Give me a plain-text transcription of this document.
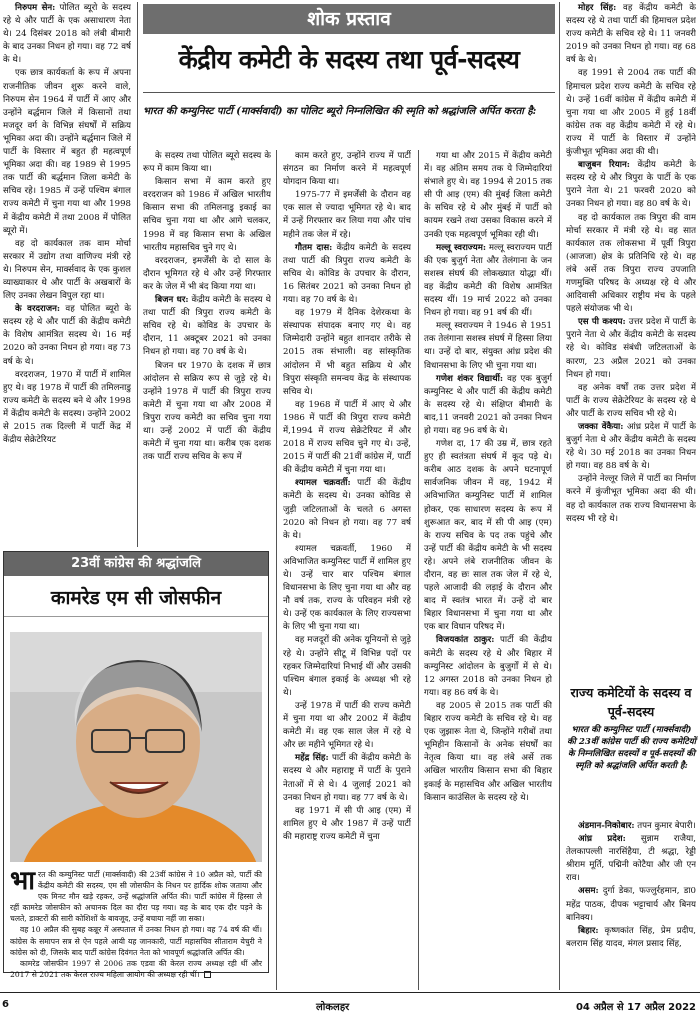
निरुपम सेन: पोलित ब्यूरो के सदस्य रहे थे और पार्टी के एक असाधारण नेता थे। 24 दिसंबर 2018 को लंबी बीमारी के बाद उनका निधन हो गया। वह 72 वर्ष के थे।

एक छात्र कार्यकर्ता के रूप में अपना राजनीतिक जीवन शुरू करने वाले, निरुपम सेन 1964 में पार्टी में आए और उन्होंने बर्द्धमान जिले में किसानों तथा मजदूर वर्ग के विभिन्न संघर्षों में सक्रिय भूमिका अदा की। उन्होंने बर्द्धमान जिले में पार्टी के विस्तार में बहुत ही महत्वपूर्ण भूमिका अदा की। वह 1989 से 1995 तक पार्टी की बर्द्धमान जिला कमेटी के सचिव रहे। 1985 में उन्हें पश्चिम बंगाल राज्य कमेटी में चुना गया था और 1998 में केंद्रीय कमेटी में तथा 2008 में पोलित ब्यूरो में।

वह दो कार्यकाल तक वाम मोर्चा सरकार में उद्योग तथा वाणिज्य मंत्री रहे थे। निरुपम सेन, मार्क्सवाद के एक कुशल व्याख्याकार थे और पार्टी के अखबारों के लिए उनका लेखन विपुल रहा था।

के वरदराजन: वह पोलित ब्यूरो के सदस्य रहे थे और पार्टी की केंद्रीय कमेटी के विशेष आमंत्रित सदस्य थे। 16 मई 2020 को उनका निधन हो गया। वह 73 वर्ष के थे।

वरदराजन, 1970 में पार्टी में शामिल हुए थे। वह 1978 में पार्टी की तमिलनाडु राज्य कमेटी के सदस्य बने थे और 1998 में केंद्रीय कमेटी के सदस्य। उन्होंने 2002 से 2015 तक दिल्ली में पार्टी केंद्र में केंद्रीय सेक्रेटेरियट

शोक प्रस्ताव
केंद्रीय कमेटी के सदस्य तथा पूर्व-सदस्य
भारत की कम्युनिस्ट पार्टी (मार्क्सवादी) का पोलिट ब्यूरो निम्नलिखित की स्मृति को श्रद्धांजलि अर्पित करता है:

के सदस्य तथा पोलित ब्यूरो सदस्य के रूप में काम किया था।

किसान सभा में काम करते हुए वरदराजन को 1986 में अखिल भारतीय किसान सभा की तमिलनाडु इकाई का सचिव चुना गया था और आगे चलकर, 1998 में वह किसान सभा के अखिल भारतीय महासचिव चुने गए थे।

वरदराजन, इमर्जेंसी के दो साल के दौरान भूमिगत रहे थे और उन्हें गिरफ्तार कर के जेल में भी बंद किया गया था।

बिजन धर: केंद्रीय कमेटी के सदस्य थे तथा पार्टी की त्रिपुरा राज्य कमेटी के सचिव रहे थे। कोविड के उपचार के दौरान, 11 अक्टूबर 2021 को उनका निधन हो गया। वह 70 वर्ष के थे।

बिजन धर 1970 के दशक में छात्र आंदोलन से सक्रिय रूप से जुड़े रहे थे। उन्होंने 1978 में पार्टी की त्रिपुरा राज्य कमेटी में चुना गया था और 2008 में त्रिपुरा राज्य कमेटी का सचिव चुना गया था। उन्हें 2002 में पार्टी की केंद्रीय कमेटी में चुना गया था। करीब एक दशक तक पार्टी राज्य सचिव के रूप में

काम करते हुए, उन्होंने राज्य में पार्टी संगठन का निर्माण करने में महत्वपूर्ण योगदान किया था।

1975-77 में इमर्जेंसी के दौरान वह एक साल से ज्यादा भूमिगत रहे थे। बाद में उन्हें गिरफ्तार कर लिया गया और पांच महीने तक जेल में रहे।

गौतम दास: केंद्रीय कमेटी के सदस्य तथा पार्टी की त्रिपुरा राज्य कमेटी के सचिव थे। कोविड के उपचार के दौरान, 16 सितंबर 2021 को उनका निधन हो गया। वह 70 वर्ष के थे।

वह 1979 में दैनिक देशेरकथा के संस्थापक संपादक बनाए गए थे। वह जिम्मेदारी उन्होंने बहुत शानदार तरीके से 2015 तक संभाली। वह सांस्कृतिक आंदोलन में भी बहुत सक्रिय थे और त्रिपुरा संस्कृति समन्वय केंद्र के संस्थापक सचिव थे।

वह 1968 में पार्टी में आए थे और 1986 में पार्टी की त्रिपुरा राज्य कमेटी में,1994 में राज्य सेक्रेटेरियट में और 2018 में राज्य सचिव चुने गए थे। उन्हें, 2015 में पार्टी की 21वीं कांग्रेस में, पार्टी की केंद्रीय कमेटी में चुना गया था।

श्यामल चक्रवर्ती: पार्टी की केंद्रीय कमेटी के सदस्य थे। उनका कोविड से जुड़ी जटिलताओं के चलते 6 अगस्त 2020 को निधन हो गया। वह 77 वर्ष के थे।

श्यामल चक्रवर्ती, 1960 में अविभाजित कम्युनिस्ट पार्टी में शामिल हुए थे। उन्हें चार बार पश्चिम बंगाल विधानसभा के लिए चुना गया था और वह नौ वर्ष तक, राज्य के परिवहन मंत्री रहे थे। उन्हें एक कार्यकाल के लिए राज्यसभा के लिए भी चुना गया था।

वह मजदूरों की अनेक यूनियनों से जुड़े रहे थे। उन्होंने सीटू में विभिन्न पदों पर रहकर जिम्मेदारियां निभाई थीं और उसकी पश्चिम बंगाल इकाई के अध्यक्ष भी रहे थे।

उन्हें 1978 में पार्टी की राज्य कमेटी में चुना गया था और 2002 में केंद्रीय कमेटी में। वह एक साल जेल में रहे थे और छः महीने भूमिगत रहे थे।

महेंद्र सिंह: पार्टी की केंद्रीय कमेटी के सदस्य थे और महाराष्ट्र में पार्टी के पुराने नेताओं में से थे। 4 जुलाई 2021 को उनका निधन हो गया। वह 77 वर्ष के थे।

वह 1971 में सी पी आइ (एम) में शामिल हुए थे और 1987 में उन्हें पार्टी की महाराष्ट्र राज्य कमेटी में चुना

गया था और 2015 में केंद्रीय कमेटी में। वह अंतिम समय तक ये जिम्मेदारियां संभाले हुए थे। वह 1994 से 2015 तक सी पी आइ (एम) की मुंबई जिला कमेटी के सचिव रहे थे और मुंबई में पार्टी को कायम रखने तथा उसका विकास करने में उनकी एक महत्वपूर्ण भूमिका रही थी।

मल्लू स्वराज्यम: मल्लू स्वराज्यम पार्टी की एक बुजुर्ग नेता और तेलंगाना के जन सशस्त्र संघर्ष की लोकख्यात योद्धा थीं। वह केंद्रीय कमेटी की विशेष आमंत्रित सदस्य थीं। 19 मार्च 2022 को उनका निधन हो गया। वह 91 वर्ष की थीं।

मल्लू स्वराज्यम ने 1946 से 1951 तक तेलंगाना सशस्त्र संघर्ष में हिस्सा लिया था। उन्हें दो बार, संयुक्त आंध्र प्रदेश की विधानसभा के लिए भी चुना गया था।

गणेश शंकर विद्यार्थी: वह एक बुजुर्ग कम्युनिस्ट थे और पार्टी की केंद्रीय कमेटी के सदस्य रहे थे। संक्षिप्त बीमारी के बाद,11 जनवरी 2021 को उनका निधन हो गया। वह 96 वर्ष के थे।

गणेश दा, 17 की उम्र में, छात्र रहते हुए ही स्वतंत्रता संघर्ष में कूद पड़े थे। करीब आठ दशक के अपने घटनापूर्ण सार्वजनिक जीवन में वह, 1942 में अविभाजित कम्युनिस्ट पार्टी में शामिल होकर, एक साधारण सदस्य के रूप में शुरूआत कर, बाद में सी पी आइ (एम) के राज्य सचिव के पद तक पहुंचे और उन्हें पार्टी की केंद्रीय कमेटी के भी सदस्य रहे। अपने लंबे राजनीतिक जीवन के दौरान, वह छः साल तक जेल में रहे थे, पहले आजादी की लड़ाई के दौरान और बाद में स्वतंत्र भारत में। उन्हें दो बार बिहार विधानसभा में चुना गया था और एक बार विधान परिषद में।

विजयकांत ठाकुर: पार्टी की केंद्रीय कमेटी के सदस्य रहे थे और बिहार में कम्युनिस्ट आंदोलन के बुजुर्गों में से थे। 12 अगस्त 2018 को उनका निधन हो गया। वह 86 वर्ष के थे।

वह 2005 से 2015 तक पार्टी की बिहार राज्य कमेटी के सचिव रहे थे। वह एक जुझारू नेता थे, जिन्होंने गरीबों तथा भूमिहीन किसानों के अनेक संघर्षों का नेतृत्व किया था। वह लंबे अर्से तक अखिल भारतीय किसान सभा की बिहार इकाई के महासचिव और अखिल भारतीय किसान काउंसिल के सदस्य रहे थे।

मोहर सिंह: वह केंद्रीय कमेटी के सदस्य रहे थे तथा पार्टी की हिमाचल प्रदेश राज्य कमेटी के सचिव रहे थे। 11 जनवरी 2019 को उनका निधन हो गया। वह 68 वर्ष के थे।

वह 1991 से 2004 तक पार्टी की हिमाचल प्रदेश राज्य कमेटी के सचिव रहे थे। उन्हें 16वीं कांग्रेस में केंद्रीय कमेटी में चुना गया था और 2005 में हुई 18वीं कांग्रेस तक वह केंद्रीय कमेटी में रहे थे। राज्य में पार्टी के विस्तार में उन्होंने कुंजीभूत भूमिका अदा की थी।

बाजुबन रियान: केंद्रीय कमेटी के सदस्य रहे थे और त्रिपुरा के पार्टी के एक पुराने नेता थे। 21 फरवरी 2020 को उनका निधन हो गया। वह 80 वर्ष के थे।

वह दो कार्यकाल तक त्रिपुरा की वाम मोर्चा सरकार में मंत्री रहे थे। वह सात कार्यकाल तक लोकसभा में पूर्वी त्रिपुरा (आजजा) क्षेत्र के प्रतिनिधि रहे थे। वह लंबे अर्से तक त्रिपुरा राज्य उपजाति गणमुक्ति परिषद के अध्यक्ष रहे थे और आदिवासी अधिकार राष्ट्रीय मंच के पहले पहले संयोजक भी थे।

एस पी कश्यप: उत्तर प्रदेश में पार्टी के पुराने नेता थे और केंद्रीय कमेटी के सदस्य रहे थे। कोविड संबंधी जटिलताओं के कारण, 23 अप्रैल 2021 को उनका निधन हो गया।

वह अनेक वर्षों तक उत्तर प्रदेश में पार्टी के राज्य सेक्रेटेरियट के सदस्य रहे थे और पार्टी के राज्य सचिव भी रहे थे।

जक्का वेंकैया: आंध्र प्रदेश में पार्टी के बुजुर्ग नेता थे और केंद्रीय कमेटी के सदस्य रहे थे। 30 मई 2018 का उनका निधन हो गया। वह 88 वर्ष के थे।

उन्होंने नेल्लूर जिले में पार्टी का निर्माण करने में कुंजीभूत भूमिका अदा की थी। वह दो कार्यकाल तक राज्य विधानसभा के सदस्य भी रहे थे।

23वीं कांग्रेस की श्रद्धांजलि
कामरेड एम सी जोसफीन
भा रत की कम्युनिस्ट पार्टी (मार्क्सवादी) की 23वीं कांग्रेस ने 10 अप्रैल को, पार्टी की केंद्रीय कमेटी की सदस्य, एम सी जोसफीन के निधन पर हार्दिक शोक जताया और एक मिनट मौन खड़े रहकर, उन्हें श्रद्धांजलि अर्पित की। पार्टी कांग्रेस में हिस्सा ले रहीं कामरेड जोसफीन को अचानक दिल का दौरा पड़ गया। वह के बाद एक दौर पड़ने के चलते, डाक्टरों की सारी कोशिशों के बावजूद, उन्हें बचाया नहीं जा सका।
वह 10 अप्रैल की सुबह कन्नूर में अस्पताल में उनका निधन हो गया। वह 74 वर्ष की थीं। कांग्रेस के समापन सत्र से ऐन पहले आयी यह जानकारी, पार्टी महासचिव सीताराम येचुरी ने कांग्रेस को दी, जिसके बाद पार्टी कांग्रेस दिवंगत नेता को भावपूर्ण श्रद्धांजलि अर्पित की।
कामरेड जोसफीन 1997 से 2006 तक एडवा की केरल राज्य अध्यक्ष रही थीं और 2017 से 2021 तक केरल राज्य महिला आयोग की अध्यक्ष रही थीं।
राज्य कमेटियों के सदस्य व पूर्व-सदस्य
भारत की कम्युनिस्ट पार्टी (मार्क्सवादी) की 23वीं कांग्रेस पार्टी की राज्य कमेटियों के निम्नलिखित सदस्यों व पूर्व-सदस्यों की स्मृति को श्रद्धांजलि अर्पित करती है:

अंडमान-निकोबार: तपन कुमार बेपारी।

आंध्र प्रदेश: सुन्नाम राजैया, तेलकापल्ली नारसिंहैया, टी श्रद्धा, रेड्डी श्रीराम मूर्ति, पद्मिनी कोटैया और जी एन राव।

असम: दुर्गा डेका, फज्लुर्रहमान, डा0 महेंद्र पाठक, दीपक भट्टाचार्य और बिनय बानिक्य।

बिहार: कृष्णकांत सिंह, प्रेम प्रदीप, बलराम सिंह यादव, मंगल प्रसाद सिंह,

6	लोकलहर	04 अप्रैल से 17 अप्रैल 2022
